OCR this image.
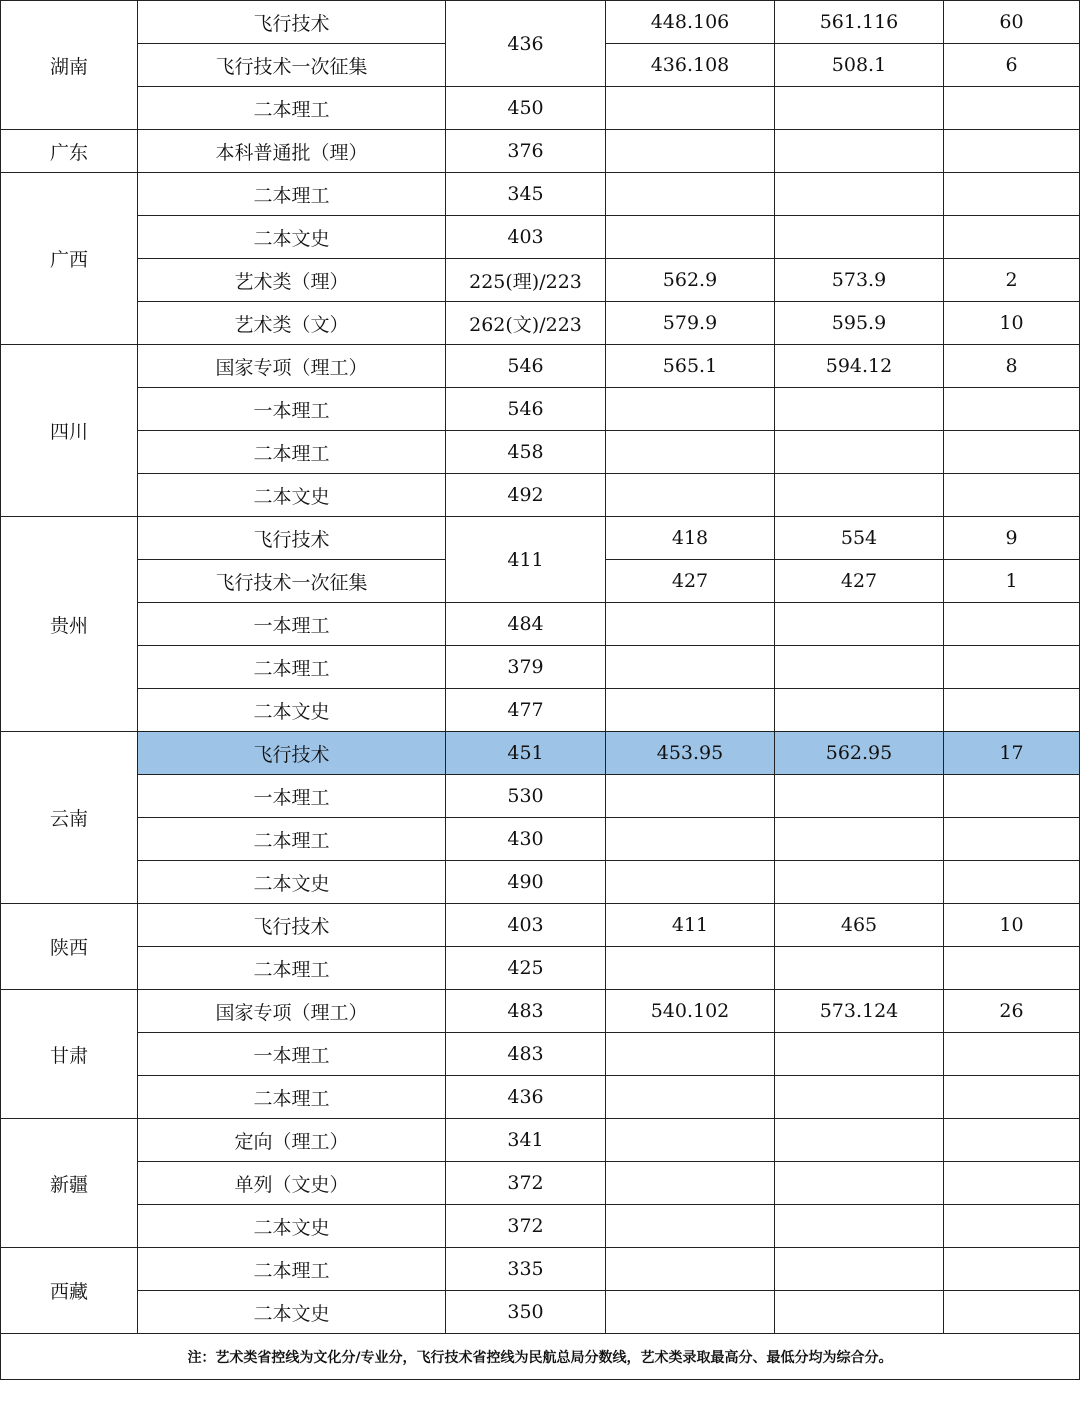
湖南	飞行技术	436	448.106	561.116	60
	飞行技术一次征集		436.108	508.1	6
	二本理工	450			
广东	本科普通批（理）	376			
广西	二本理工	345			
	二本文史	403			
	艺术类（理）	225(理)/223	562.9	573.9	2
	艺术类（文）	262(文)/223	579.9	595.9	10
四川	国家专项（理工）	546	565.1	594.12	8
	一本理工	546			
	二本理工	458			
	二本文史	492			
贵州	飞行技术	411	418	554	9
	飞行技术一次征集		427	427	1
	一本理工	484			
	二本理工	379			
	二本文史	477			
云南	飞行技术	451	453.95	562.95	17
	一本理工	530			
	二本理工	430			
	二本文史	490			
陕西	飞行技术	403	411	465	10
	二本理工	425			
甘肃	国家专项（理工）	483	540.102	573.124	26
	一本理工	483			
	二本理工	436			
新疆	定向（理工）	341			
	单列（文史）	372			
	二本文史	372			
西藏	二本理工	335			
	二本文史	350			
注：艺术类省控线为文化分/专业分，飞行技术省控线为民航总局分数线，艺术类录取最高分、最低分均为综合分。					
